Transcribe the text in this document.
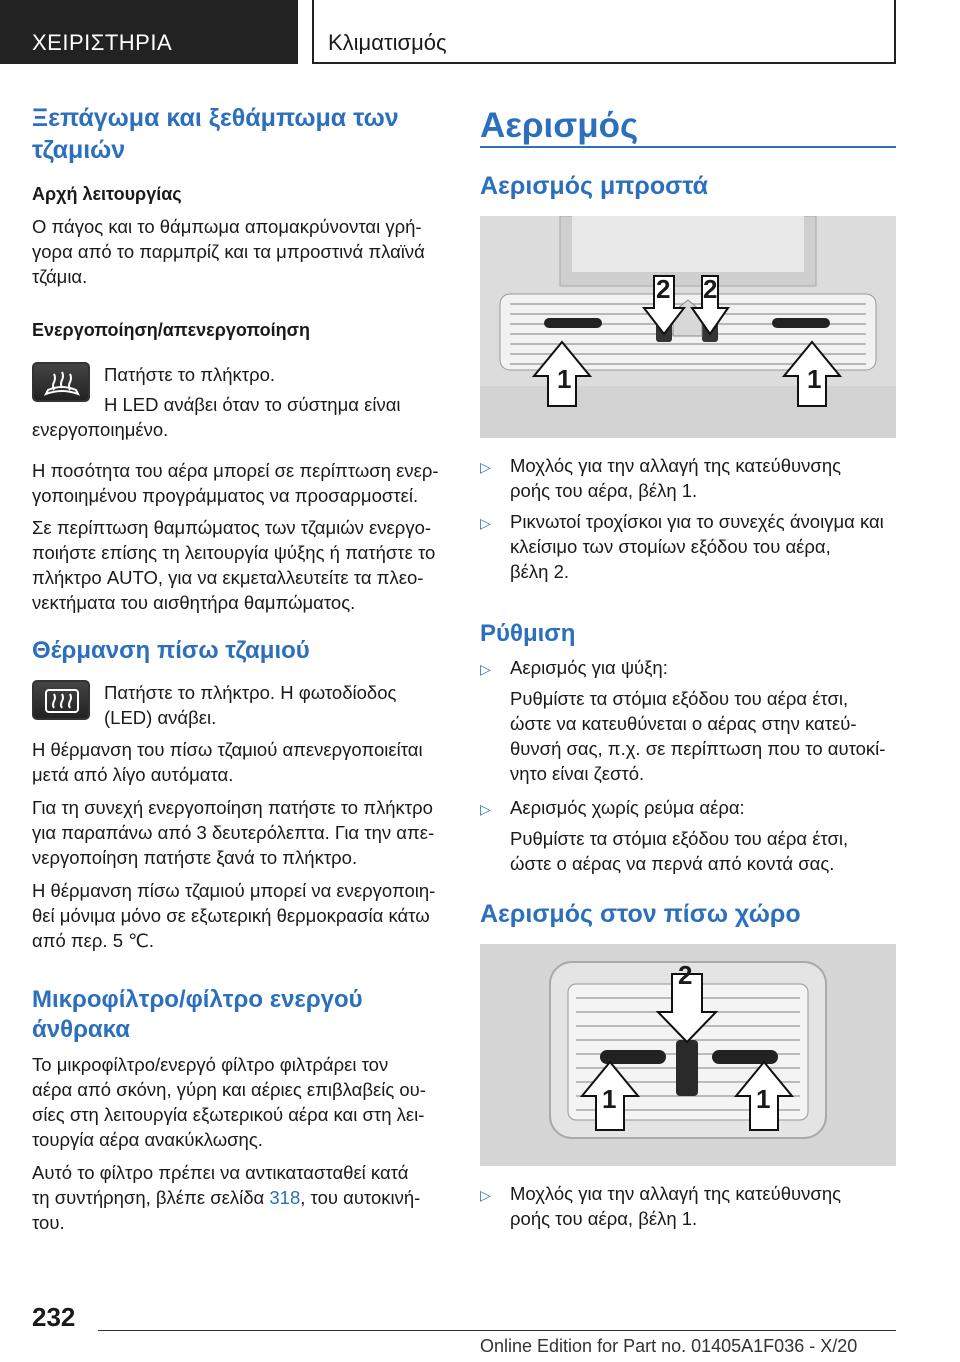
ΧΕΙΡΙΣΤΗΡΙΑ	Κλιματισμός
Ξεπάγωμα και ξεθάμπωμα των τζαμιών
Αρχή λειτουργίας

Ο πάγος και το θάμπωμα απομακρύνονται γρή-

γορα από το παρμπρίζ και τα μπροστινά πλαϊνά

τζάμια.

Ενεργοποίηση/απενεργοποίηση

Πατήστε το πλήκτρο.

Η LED ανάβει όταν το σύστημα είναι

ενεργοποιημένο.

Η ποσότητα του αέρα μπορεί σε περίπτωση ενερ-

γοποιημένου προγράμματος να προσαρμοστεί.

Σε περίπτωση θαμπώματος των τζαμιών ενεργο-

ποιήστε επίσης τη λειτουργία ψύξης ή πατήστε το

πλήκτρο AUTO, για να εκμεταλλευτείτε τα πλεο-

νεκτήματα του αισθητήρα θαμπώματος.

Θέρμανση πίσω τζαμιού

Πατήστε το πλήκτρο. Η φωτοδίοδος

(LED) ανάβει.

Η θέρμανση του πίσω τζαμιού απενεργοποιείται

μετά από λίγο αυτόματα.

Για τη συνεχή ενεργοποίηση πατήστε το πλήκτρο

για παραπάνω από 3 δευτερόλεπτα. Για την απε-

νεργοποίηση πατήστε ξανά το πλήκτρο.

Η θέρμανση πίσω τζαμιού μπορεί να ενεργοποιη-

θεί μόνιμα μόνο σε εξωτερική θερμοκρασία κάτω

από περ. 5 ℃.

Μικροφίλτρο/φίλτρο ενεργού
άνθρακα

Το μικροφίλτρο/ενεργό φίλτρο φιλτράρει τον

αέρα από σκόνη, γύρη και αέριες επιβλαβείς ου-

σίες στη λειτουργία εξωτερικού αέρα και στη λει-

τουργία αέρα ανακύκλωσης.

Αυτό το φίλτρο πρέπει να αντικατασταθεί κατά

τη συντήρηση, βλέπε σελίδα 318, του αυτοκινή-

του.

Αερισμός
Αερισμός μπροστά
1	1
2 2
▷ Μοχλός για την αλλαγή της κατεύθυνσης

ροής του αέρα, βέλη 1.

▷ Ρικνωτοί τροχίσκοι για το συνεχές άνοιγμα και

κλείσιμο των στομίων εξόδου του αέρα,

βέλη 2.

Ρύθμιση
▷ Αερισμός για ψύξη:

Ρυθμίστε τα στόμια εξόδου του αέρα έτσι,

ώστε να κατευθύνεται ο αέρας στην κατεύ-

θυνσή σας, π.χ. σε περίπτωση που το αυτοκί-

νητο είναι ζεστό.

▷ Αερισμός χωρίς ρεύμα αέρα:

Ρυθμίστε τα στόμια εξόδου του αέρα έτσι,

ώστε ο αέρας να περνά από κοντά σας.

Αερισμός στον πίσω χώρο
2
1	1
▷ Μοχλός για την αλλαγή της κατεύθυνσης

ροής του αέρα, βέλη 1.

232
Online Edition for Part no. 01405A1F036 - X/20
